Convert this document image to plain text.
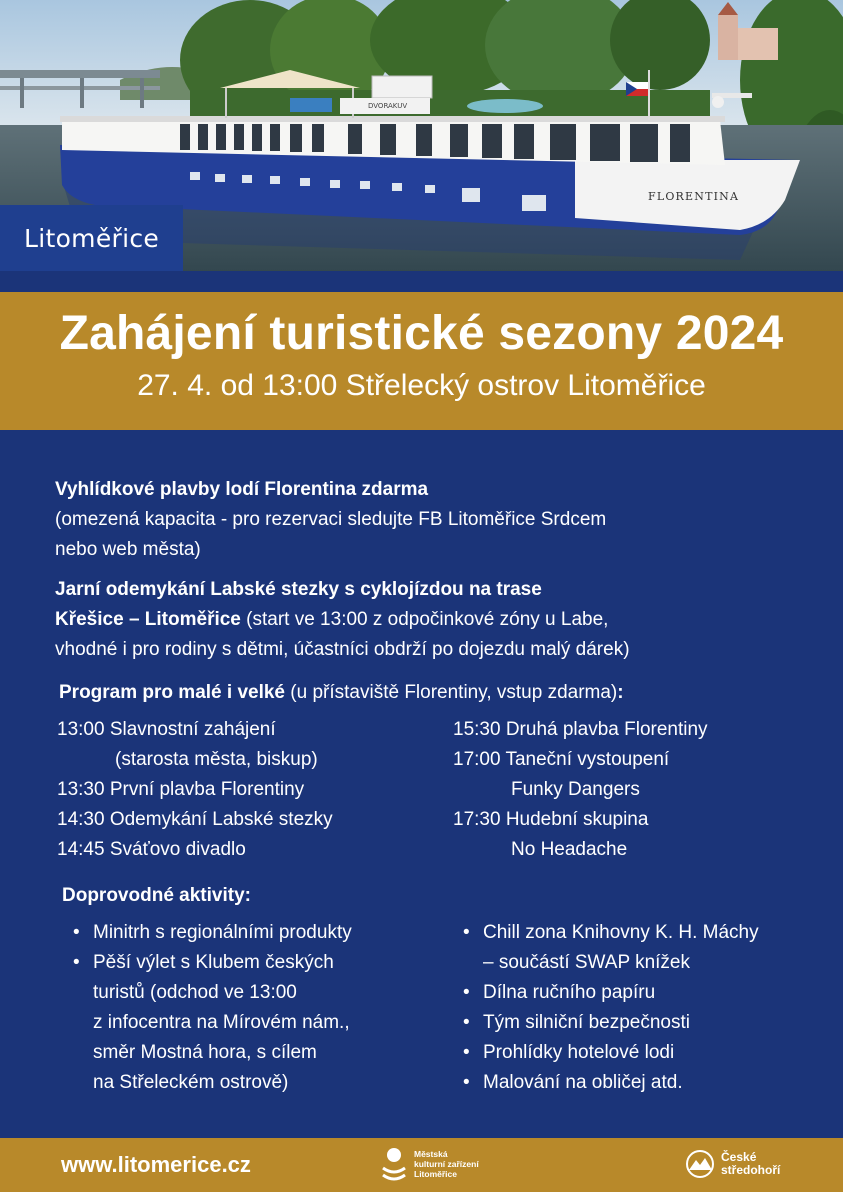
FLORENTINA
DVORAKUV
Litoměřice
Zahájení turistické sezony 2024
27. 4. od 13:00 Střelecký ostrov Litoměřice
Vyhlídkové plavby lodí Florentina zdarma
(omezená kapacita - pro rezervaci sledujte FB Litoměřice Srdcem
nebo web města)
Jarní odemykání Labské stezky s cyklojízdou na trase
Křešice – Litoměřice (start ve 13:00 z odpočinkové zóny u Labe,
vhodné i pro rodiny s dětmi, účastníci obdrží po dojezdu malý dárek)
Program pro malé i velké (u přístaviště Florentiny, vstup zdarma):
13:00 Slavnostní zahájení
(starosta města, biskup)
13:30 První plavba Florentiny
14:30 Odemykání Labské stezky
14:45 Sváťovo divadlo
15:30 Druhá plavba Florentiny
17:00 Taneční vystoupení
Funky Dangers
17:30 Hudební skupina
No Headache
Doprovodné aktivity:
• Minitrh s regionálními produkty
• Pěší výlet s Klubem českých
turistů (odchod ve 13:00
z infocentra na Mírovém nám.,
směr Mostná hora, s cílem
na Střeleckém ostrově)
• Chill zona Knihovny K. H. Máchy
– součástí SWAP knížek
• Dílna ručního papíru
• Tým silniční bezpečnosti
• Prohlídky hotelové lodi
• Malování na obličej atd.
www.litomerice.cz	Městská
kulturní zařízení
Litoměřice
České
středohoří
